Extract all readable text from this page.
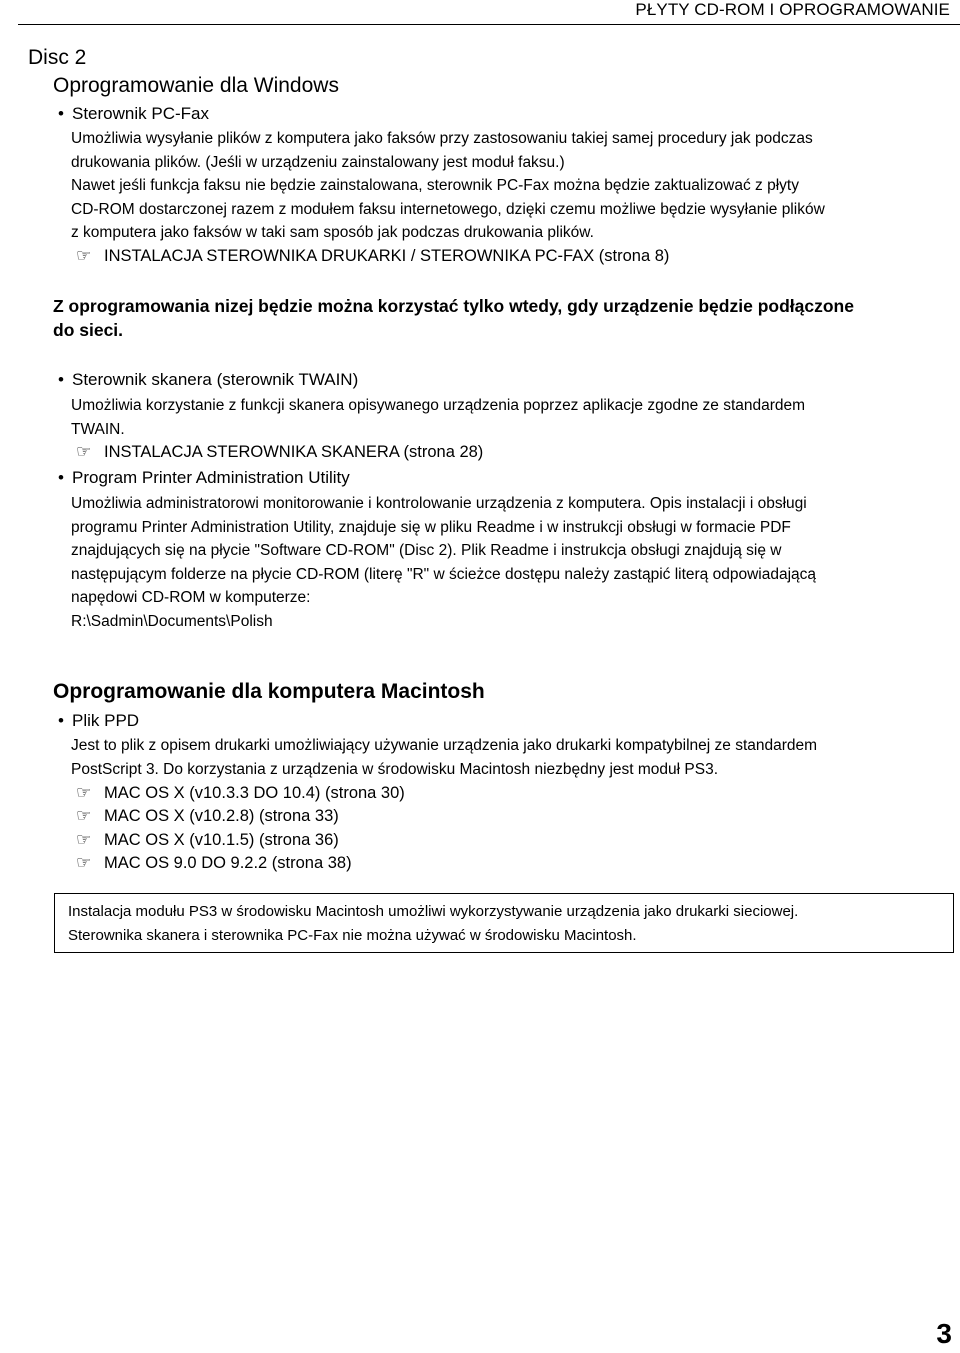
PŁYTY CD-ROM I OPROGRAMOWANIE
Disc 2
Oprogramowanie dla Windows
• Sterownik PC-Fax
Umożliwia wysyłanie plików z komputera jako faksów przy zastosowaniu takiej samej procedury jak podczas
drukowania plików. (Jeśli w urządzeniu zainstalowany jest moduł faksu.)
Nawet jeśli funkcja faksu nie będzie zainstalowana, sterownik PC-Fax można będzie zaktualizować z płyty
CD-ROM dostarczonej razem z modułem faksu internetowego, dzięki czemu możliwe będzie wysyłanie plików
z komputera jako faksów w taki sam sposób jak podczas drukowania plików.
☞ INSTALACJA STEROWNIKA DRUKARKI / STEROWNIKA PC-FAX (strona 8)
Z oprogramowania nizej będzie można korzystać tylko wtedy, gdy urządzenie będzie podłączone
do sieci.
• Sterownik skanera (sterownik TWAIN)
Umożliwia korzystanie z funkcji skanera opisywanego urządzenia poprzez aplikacje zgodne ze standardem
TWAIN.
☞ INSTALACJA STEROWNIKA SKANERA (strona 28)
• Program Printer Administration Utility
Umożliwia administratorowi monitorowanie i kontrolowanie urządzenia z komputera. Opis instalacji i obsługi
programu Printer Administration Utility, znajduje się w pliku Readme i w instrukcji obsługi w formacie PDF
znajdujących się na płycie "Software CD-ROM" (Disc 2). Plik Readme i instrukcja obsługi znajdują się w
następującym folderze na płycie CD-ROM (literę "R" w ścieżce dostępu należy zastąpić literą odpowiadającą
napędowi CD-ROM w komputerze:
R:\Sadmin\Documents\Polish
Oprogramowanie dla komputera Macintosh
• Plik PPD
Jest to plik z opisem drukarki umożliwiający używanie urządzenia jako drukarki kompatybilnej ze standardem
PostScript 3. Do korzystania z urządzenia w środowisku Macintosh niezbędny jest moduł PS3.
☞ MAC OS X (v10.3.3 DO 10.4) (strona 30)
☞ MAC OS X (v10.2.8) (strona 33)
☞ MAC OS X (v10.1.5) (strona 36)
☞ MAC OS 9.0 DO 9.2.2 (strona 38)
Instalacja modułu PS3 w środowisku Macintosh umożliwi wykorzystywanie urządzenia jako drukarki sieciowej.
Sterownika skanera i sterownika PC-Fax nie można używać w środowisku Macintosh.
3
